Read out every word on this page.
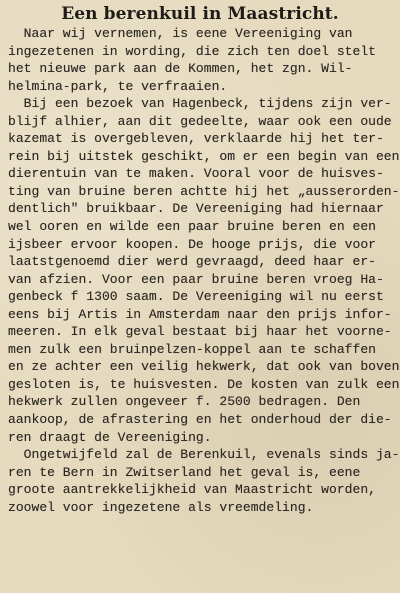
Een berenkuil in Maastricht.
Naar wij vernemen, is eene Vereeniging van
ingezetenen in wording, die zich ten doel stelt
het nieuwe park aan de Kommen, het zgn. Wil-
helmina-park, te verfraaien.
Bij een bezoek van Hagenbeck, tijdens zijn ver-
blijf alhier, aan dit gedeelte, waar ook een oude
kazemat is overgebleven, verklaarde hij het ter-
rein bij uitstek geschikt, om er een begin van een
dierentuin van te maken. Vooral voor de huisves-
ting van bruine beren achtte hij het „ausserorden-
dentlich" bruikbaar. De Vereeniging had hiernaar
wel ooren en wilde een paar bruine beren en een
ijsbeer ervoor koopen. De hooge prijs, die voor
laatstgenoemd dier werd gevraagd, deed haar er-
van afzien. Voor een paar bruine beren vroeg Ha-
genbeck f 1300 saam. De Vereeniging wil nu eerst
eens bij Artis in Amsterdam naar den prijs infor-
meeren. In elk geval bestaat bij haar het voorne-
men zulk een bruinpelzen-koppel aan te schaffen
en ze achter een veilig hekwerk, dat ook van boven
gesloten is, te huisvesten. De kosten van zulk een
hekwerk zullen ongeveer f. 2500 bedragen. Den
aankoop, de afrastering en het onderhoud der die-
ren draagt de Vereeniging.
Ongetwijfeld zal de Berenkuil, evenals sinds ja-
ren te Bern in Zwitserland het geval is, eene
groote aantrekkelijkheid van Maastricht worden,
zoowel voor ingezetene als vreemdeling.
